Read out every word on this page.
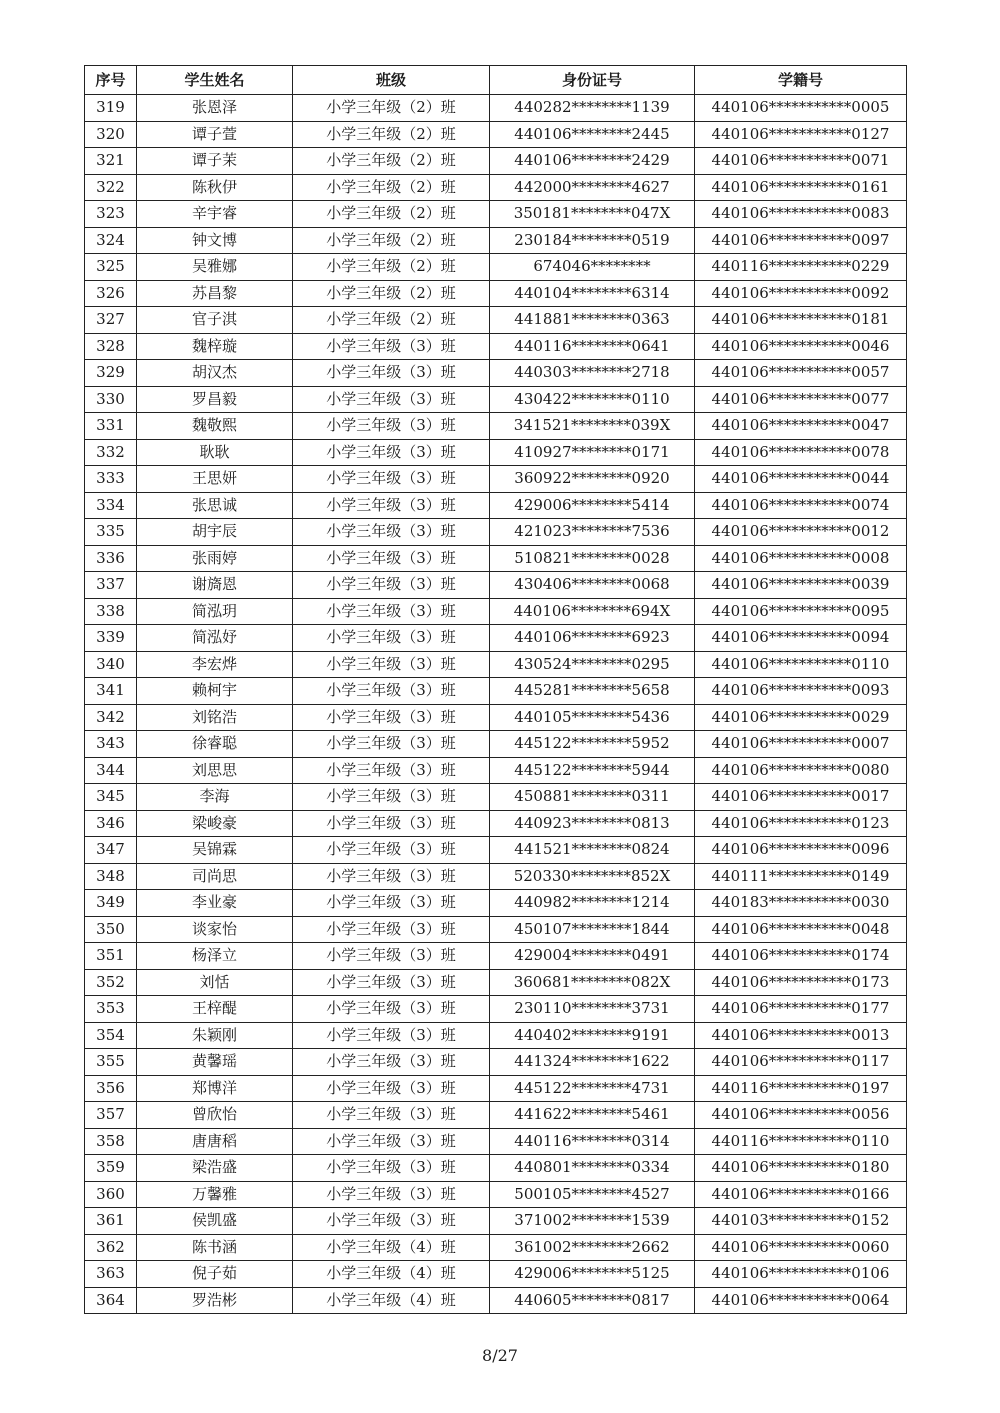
序号	学生姓名	班级	身份证号	学籍号
319	张恩泽	小学三年级（2）班	440282********1139	440106***********0005
320	谭子萱	小学三年级（2）班	440106********2445	440106***********0127
321	谭子茉	小学三年级（2）班	440106********2429	440106***********0071
322	陈秋伊	小学三年级（2）班	442000********4627	440106***********0161
323	辛宇睿	小学三年级（2）班	350181********047X	440106***********0083
324	钟文博	小学三年级（2）班	230184********0519	440106***********0097
325	吴雅娜	小学三年级（2）班	674046********	440116***********0229
326	苏昌黎	小学三年级（2）班	440104********6314	440106***********0092
327	官子淇	小学三年级（2）班	441881********0363	440106***********0181
328	魏梓璇	小学三年级（3）班	440116********0641	440106***********0046
329	胡汉杰	小学三年级（3）班	440303********2718	440106***********0057
330	罗昌毅	小学三年级（3）班	430422********0110	440106***********0077
331	魏敬熙	小学三年级（3）班	341521********039X	440106***********0047
332	耿耿	小学三年级（3）班	410927********0171	440106***********0078
333	王思妍	小学三年级（3）班	360922********0920	440106***********0044
334	张思诚	小学三年级（3）班	429006********5414	440106***********0074
335	胡宇辰	小学三年级（3）班	421023********7536	440106***********0012
336	张雨婷	小学三年级（3）班	510821********0028	440106***********0008
337	谢旖恩	小学三年级（3）班	430406********0068	440106***********0039
338	简泓玥	小学三年级（3）班	440106********694X	440106***********0095
339	简泓妤	小学三年级（3）班	440106********6923	440106***********0094
340	李宏烨	小学三年级（3）班	430524********0295	440106***********0110
341	赖柯宇	小学三年级（3）班	445281********5658	440106***********0093
342	刘铭浩	小学三年级（3）班	440105********5436	440106***********0029
343	徐睿聪	小学三年级（3）班	445122********5952	440106***********0007
344	刘思思	小学三年级（3）班	445122********5944	440106***********0080
345	李海	小学三年级（3）班	450881********0311	440106***********0017
346	梁峻豪	小学三年级（3）班	440923********0813	440106***********0123
347	吴锦霖	小学三年级（3）班	441521********0824	440106***********0096
348	司尚思	小学三年级（3）班	520330********852X	440111***********0149
349	李业豪	小学三年级（3）班	440982********1214	440183***********0030
350	谈家怡	小学三年级（3）班	450107********1844	440106***********0048
351	杨泽立	小学三年级（3）班	429004********0491	440106***********0174
352	刘恬	小学三年级（3）班	360681********082X	440106***********0173
353	王梓醍	小学三年级（3）班	230110********3731	440106***********0177
354	朱颖刚	小学三年级（3）班	440402********9191	440106***********0013
355	黄馨瑶	小学三年级（3）班	441324********1622	440106***********0117
356	郑博洋	小学三年级（3）班	445122********4731	440116***********0197
357	曾欣怡	小学三年级（3）班	441622********5461	440106***********0056
358	唐唐稻	小学三年级（3）班	440116********0314	440116***********0110
359	梁浩盛	小学三年级（3）班	440801********0334	440106***********0180
360	万馨雅	小学三年级（3）班	500105********4527	440106***********0166
361	侯凯盛	小学三年级（3）班	371002********1539	440103***********0152
362	陈书涵	小学三年级（4）班	361002********2662	440106***********0060
363	倪子茹	小学三年级（4）班	429006********5125	440106***********0106
364	罗浩彬	小学三年级（4）班	440605********0817	440106***********0064
8/27
